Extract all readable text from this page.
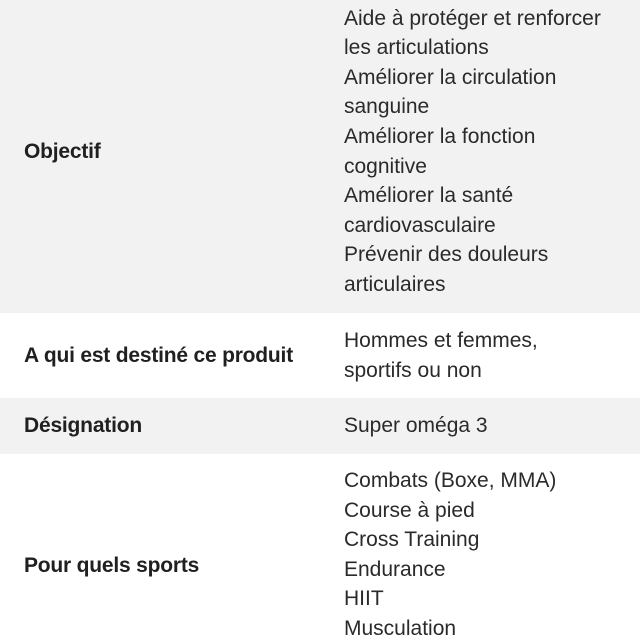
Objectif
Aide à protéger et renforcer
les articulations
Améliorer la circulation
sanguine
Améliorer la fonction
cognitive
Améliorer la santé
cardiovasculaire
Prévenir des douleurs
articulaires
A qui est destiné ce produit
Hommes et femmes,
sportifs ou non
Désignation	Super oméga 3
Pour quels sports
Combats (Boxe, MMA)
Course à pied
Cross Training
Endurance
HIIT
Musculation
